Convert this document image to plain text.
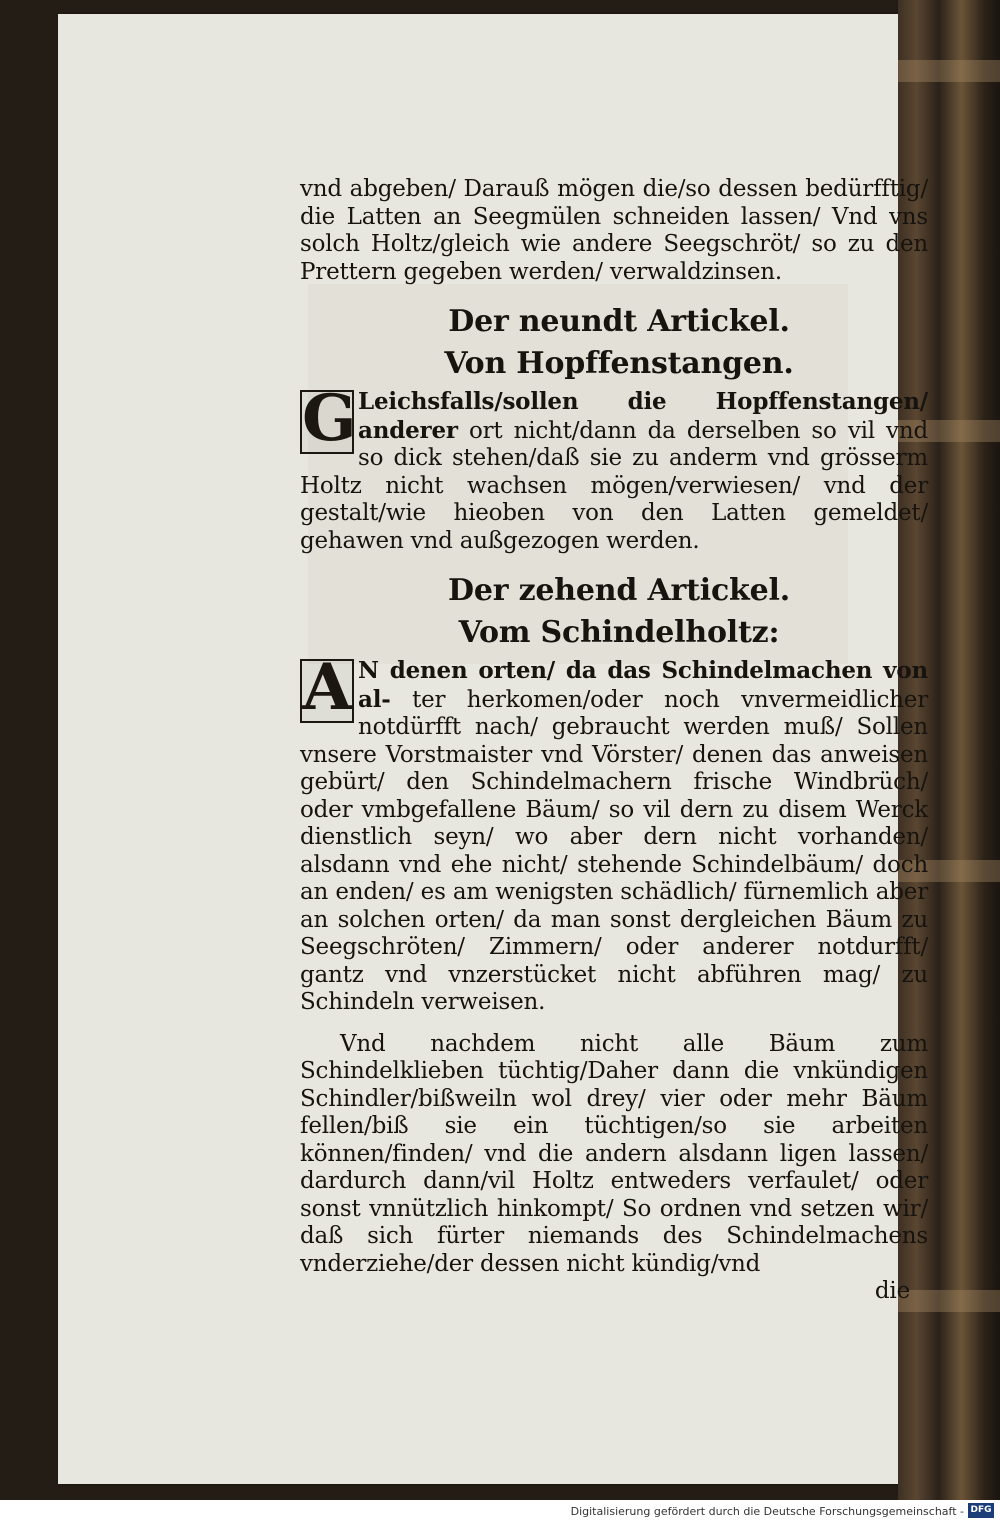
vnd abgeben/ Darauß mögen die/so dessen bedürfftig/ die Latten an Seegmülen schneiden lassen/ Vnd vns solch Holtz/gleich wie andere Seegschröt/ so zu den Prettern gegeben werden/ verwaldzinsen.

Der neundt Artickel.

Von Hopffenstangen.

G Leichsfalls/sollen die Hopffenstangen/ anderer ort nicht/dann da derselben so vil vnd so dick stehen/daß sie zu anderm vnd grösserm Holtz nicht wachsen mögen/verwiesen/ vnd der gestalt/wie hieoben von den Latten gemeldet/ gehawen vnd außgezogen werden.

Der zehend Artickel.

Vom Schindelholtz:

A N denen orten/ da das Schindelmachen von al- ter herkomen/oder noch vnvermeidlicher notdürfft nach/ gebraucht werden muß/ Sollen vnsere Vorstmaister vnd Vörster/ denen das anweisen gebürt/ den Schindelmachern frische Windbrüch/ oder vmbgefallene Bäum/ so vil dern zu disem Werck dienstlich seyn/ wo aber dern nicht vorhanden/ alsdann vnd ehe nicht/ stehende Schindelbäum/ doch an enden/ es am wenigsten schädlich/ fürnemlich aber an solchen orten/ da man sonst dergleichen Bäum zu Seegschröten/ Zimmern/ oder anderer notdurfft/ gantz vnd vnzerstücket nicht abführen mag/ zu Schindeln verweisen.

Vnd nachdem nicht alle Bäum zum Schindelklieben tüchtig/Daher dann die vnkündigen Schindler/bißweiln wol drey/ vier oder mehr Bäum fellen/biß sie ein tüchtigen/so sie arbeiten können/finden/ vnd die andern alsdann ligen lassen/ dardurch dann/vil Holtz entweders verfaulet/ oder sonst vnnützlich hinkompt/ So ordnen vnd setzen wir/ daß sich fürter niemands des Schindelmachens vnderziehe/der dessen nicht kündig/vnd

die

Digitalisierung gefördert durch die Deutsche Forschungsgemeinschaft - DFG
